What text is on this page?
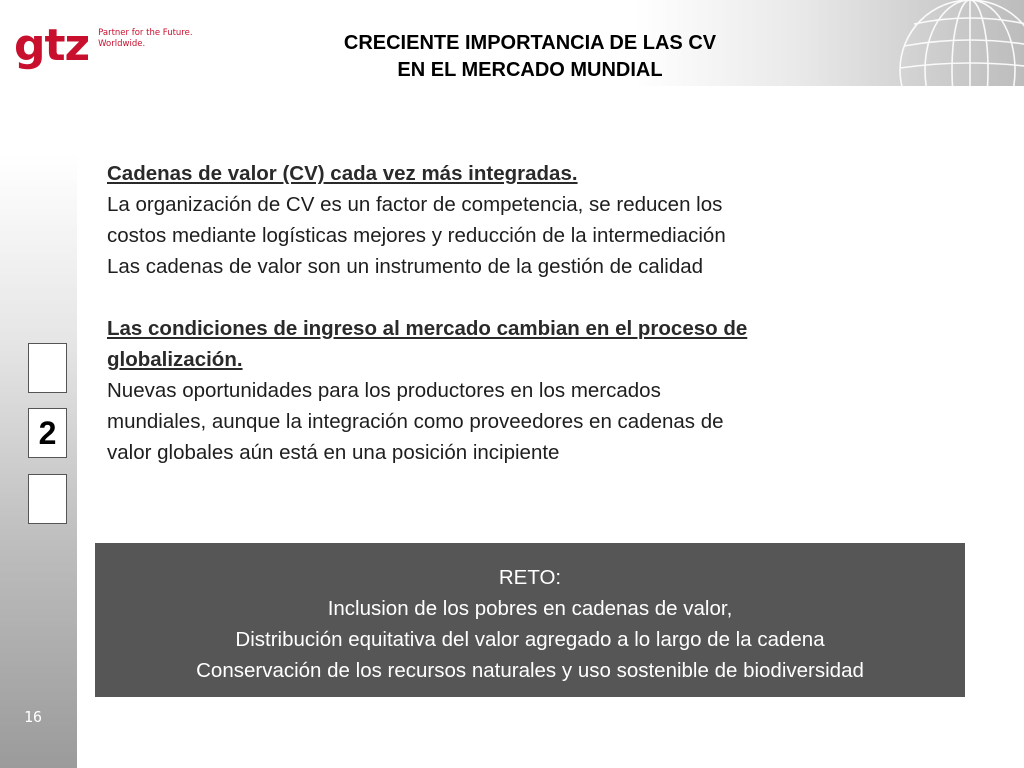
gtz Partner for the Future.
Worldwide.	CRECIENTE IMPORTANCIA DE LAS CV
EN EL MERCADO MUNDIAL
2
16

Cadenas de valor (CV) cada vez más integradas.

La organización de CV es un factor de competencia, se reducen los

costos mediante logísticas mejores y reducción de la intermediación

Las cadenas de valor son un instrumento de la gestión de calidad

Las condiciones de ingreso al mercado cambian en el proceso de

globalización.

Nuevas oportunidades para los productores en los mercados

mundiales, aunque la integración como proveedores en cadenas de

valor globales aún está en una posición incipiente

RETO:
Inclusion de los pobres en cadenas de valor,
Distribución equitativa del valor agregado a lo largo de la cadena
Conservación de los recursos naturales y uso sostenible de biodiversidad
